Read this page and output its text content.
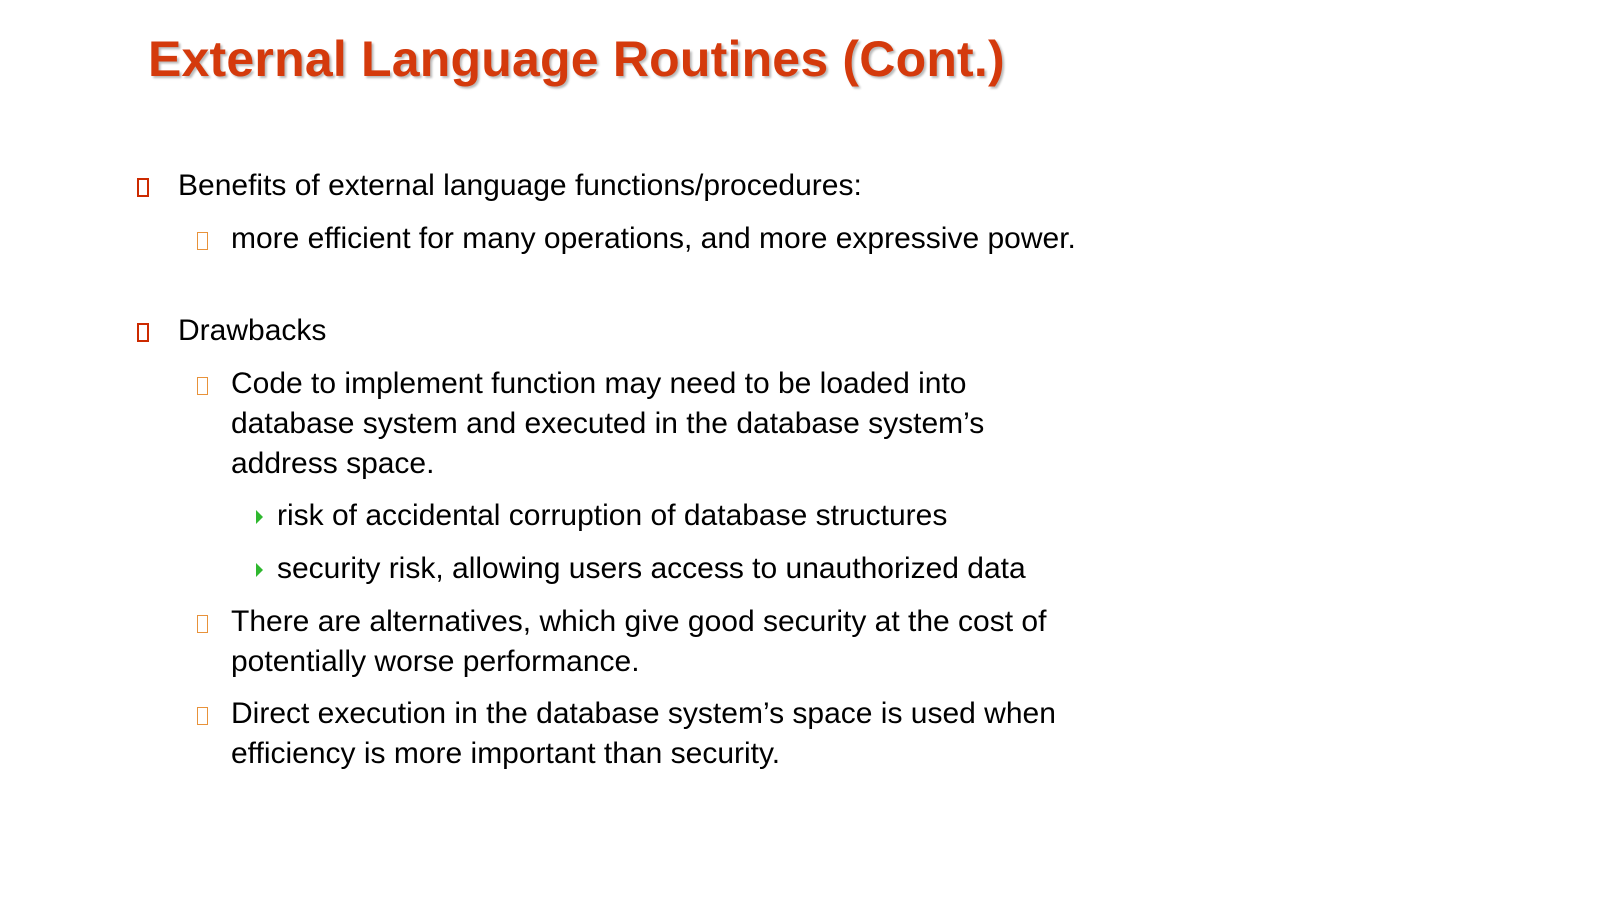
External Language Routines (Cont.)
Benefits of external language functions/procedures:
more efficient for many operations, and more expressive power.
Drawbacks
Code to implement function may need to be loaded into database system and executed in the database system’s address space.
risk of accidental corruption of database structures
security risk, allowing users access to unauthorized data
There are alternatives, which give good security at the cost of potentially worse performance.
Direct execution in the database system’s space is used when efficiency is more important than security.
